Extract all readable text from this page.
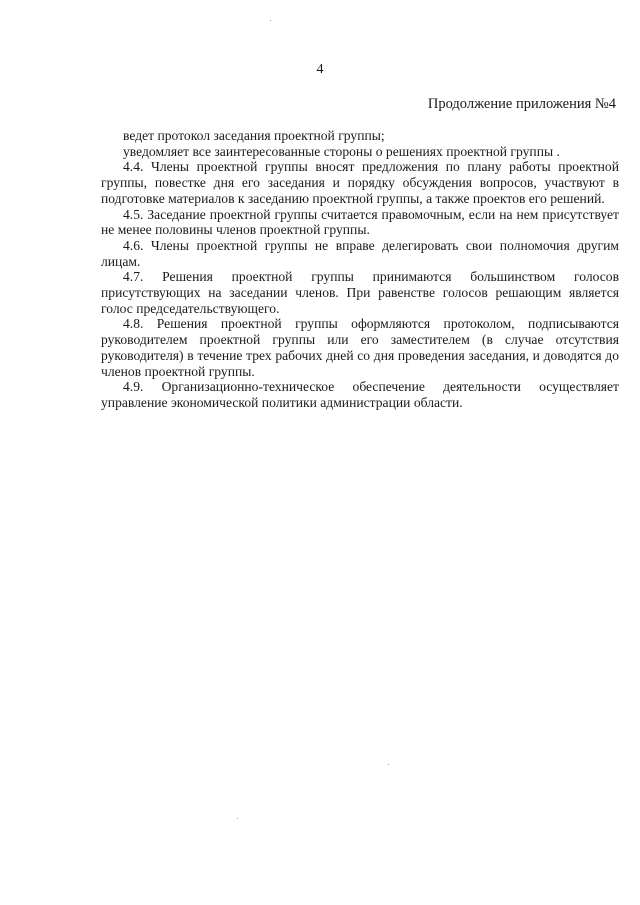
4
Продолжение приложения №4

ведет протокол заседания проектной группы;

уведомляет все заинтересованные стороны о решениях проектной группы .

4.4. Члены проектной группы вносят предложения по плану работы проектной группы, повестке дня его заседания и порядку обсуждения вопросов, участвуют в подготовке материалов к заседанию проектной группы, а также проектов его решений.

4.5. Заседание проектной группы считается правомочным, если на нем присутствует не менее половины членов проектной группы.

4.6. Члены проектной группы не вправе делегировать свои полномочия другим лицам.

4.7. Решения проектной группы принимаются большинством голосов присутствующих на заседании членов. При равенстве голосов решающим является голос председательствующего.

4.8. Решения проектной группы оформляются протоколом, подписываются руководителем проектной группы или его заместителем (в случае отсутствия руководителя) в течение трех рабочих дней со дня проведения заседания, и доводятся до членов проектной группы.

4.9. Организационно-техническое обеспечение деятельности осуществляет управление экономической политики администрации области.
